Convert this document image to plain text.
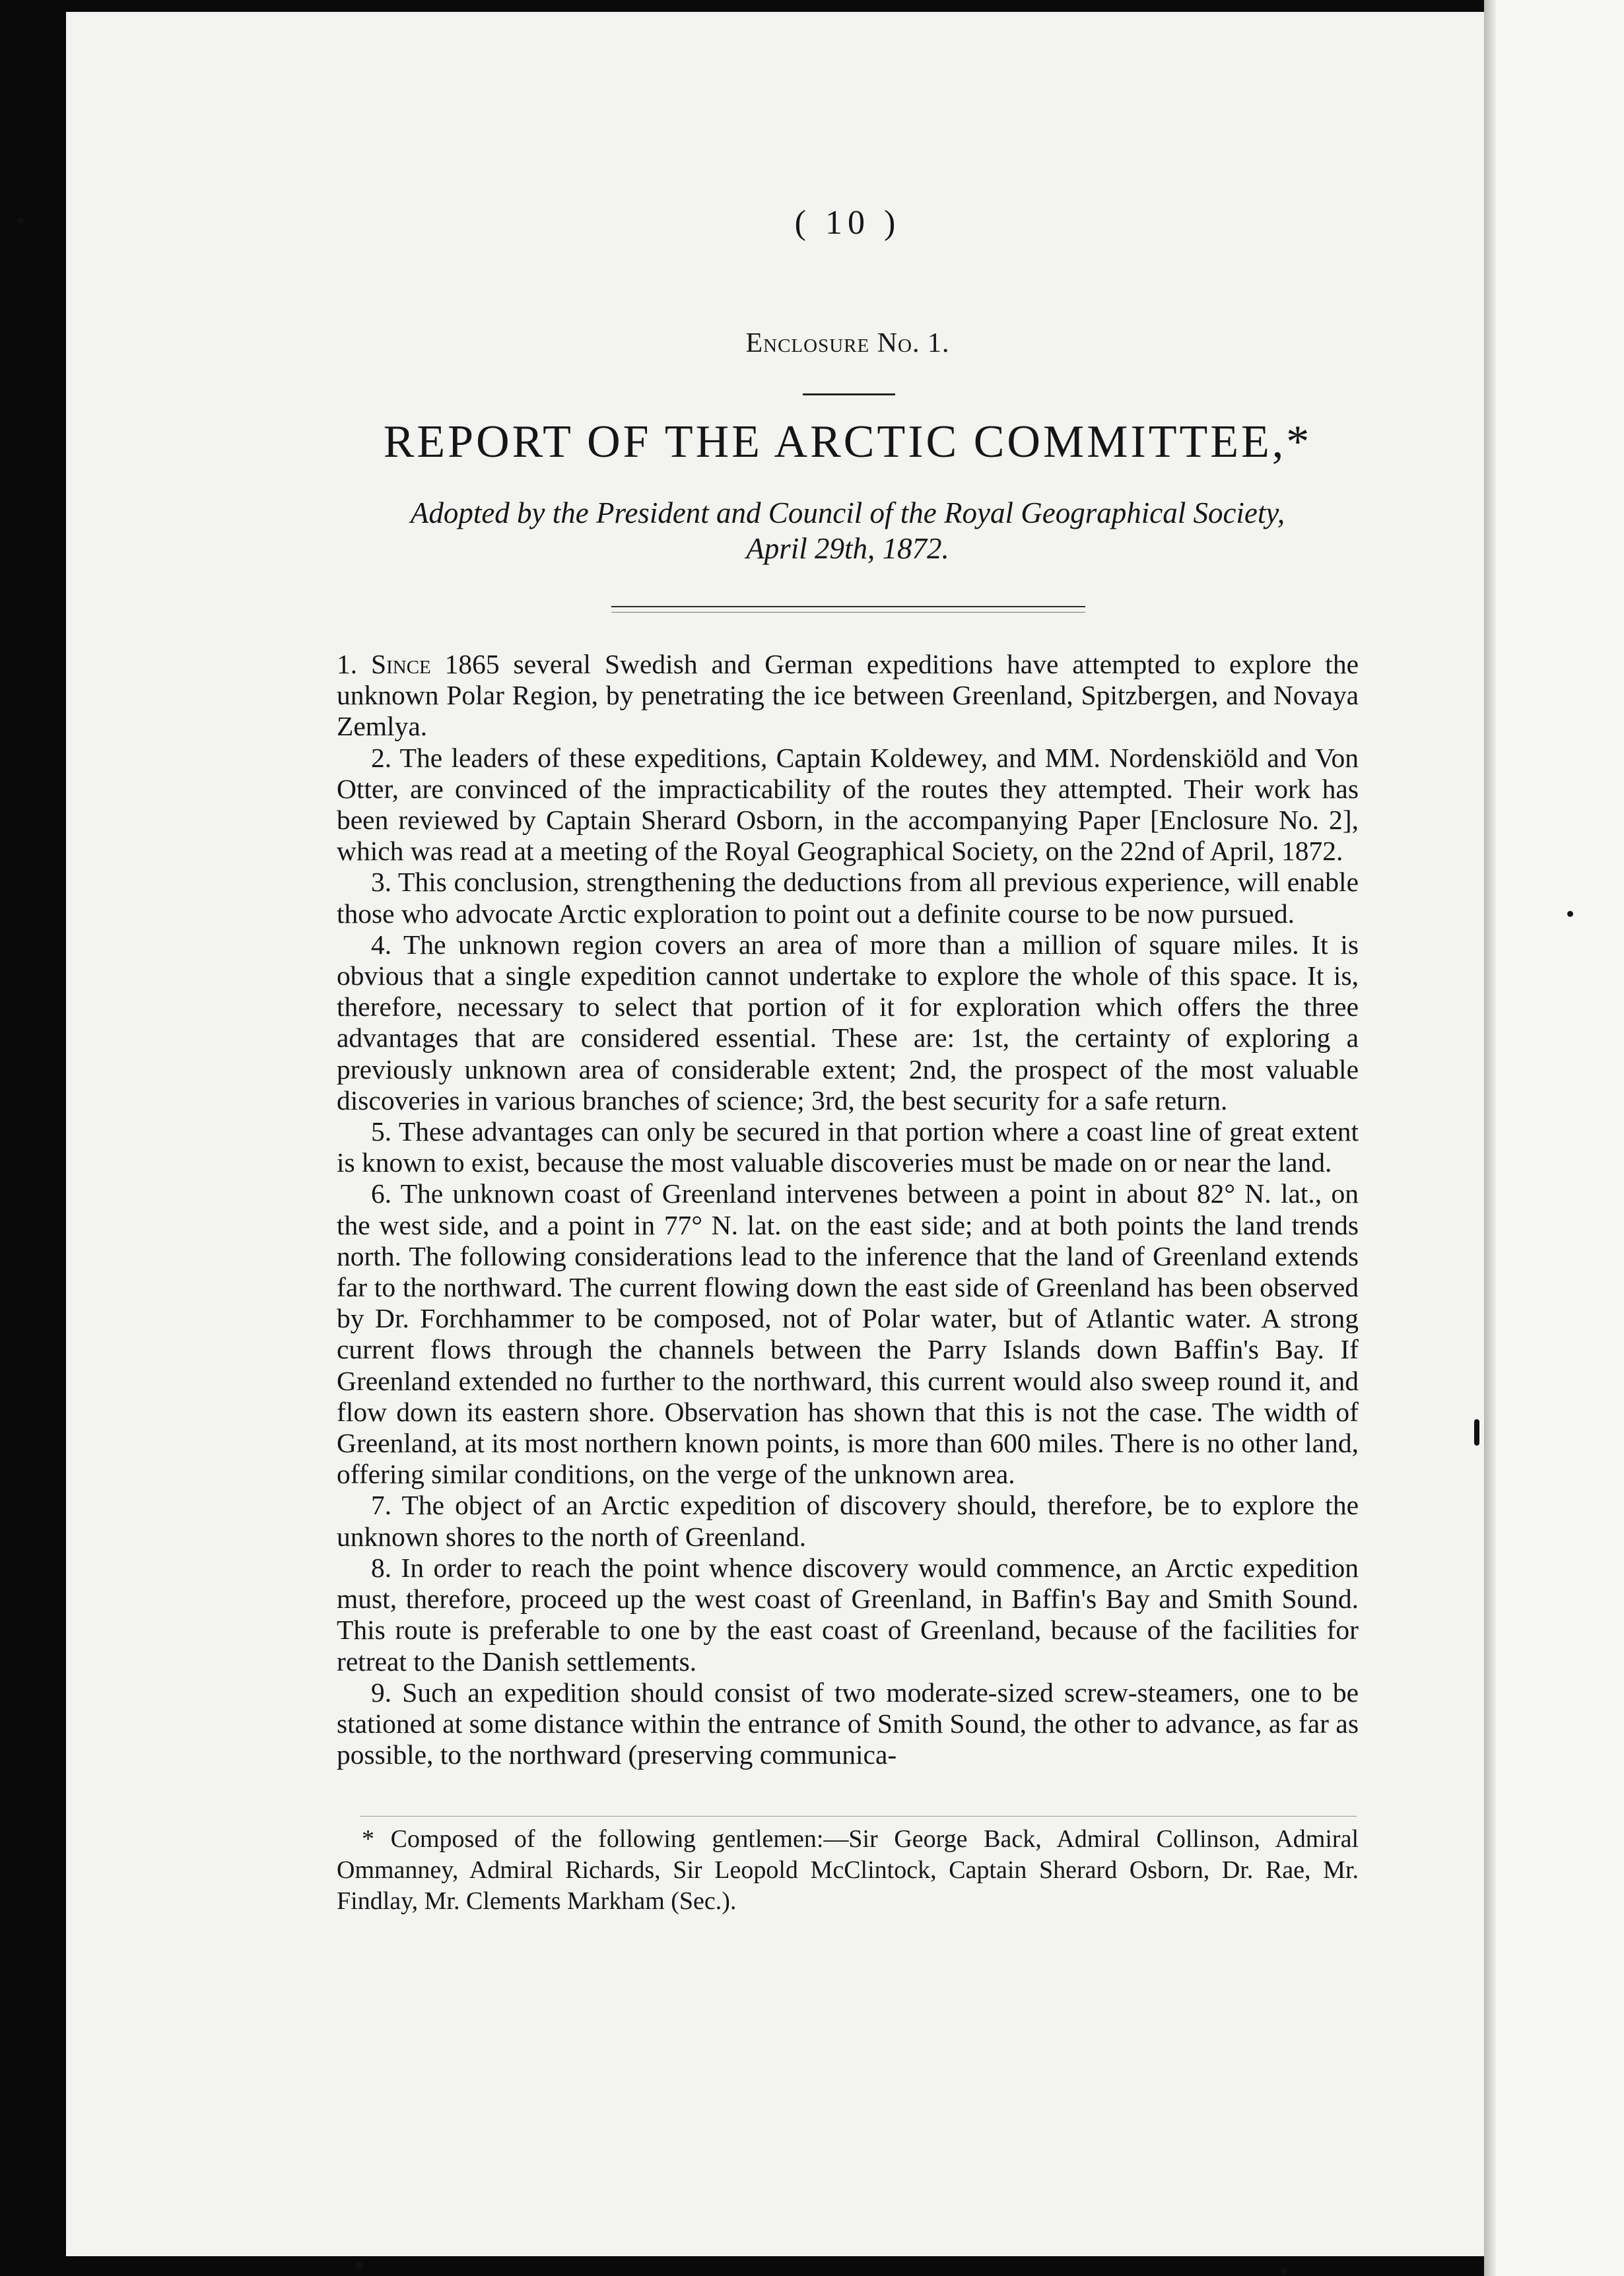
( 10 )
Enclosure No. 1.
REPORT OF THE ARCTIC COMMITTEE,*
Adopted by the President and Council of the Royal Geographical Society,
April 29th, 1872.

1. Since 1865 several Swedish and German expeditions have attempted to explore the unknown Polar Region, by penetrating the ice between Greenland, Spitzbergen, and Novaya Zemlya.

2. The leaders of these expeditions, Captain Koldewey, and MM. Nordenskiöld and Von Otter, are convinced of the impracticability of the routes they attempted. Their work has been reviewed by Captain Sherard Osborn, in the accompanying Paper [Enclosure No. 2], which was read at a meeting of the Royal Geographical Society, on the 22nd of April, 1872.

3. This conclusion, strengthening the deductions from all previous experience, will enable those who advocate Arctic exploration to point out a definite course to be now pursued.

4. The unknown region covers an area of more than a million of square miles. It is obvious that a single expedition cannot undertake to explore the whole of this space. It is, therefore, necessary to select that portion of it for exploration which offers the three advantages that are considered essential. These are: 1st, the certainty of exploring a previously unknown area of considerable extent; 2nd, the prospect of the most valuable discoveries in various branches of science; 3rd, the best security for a safe return.

5. These advantages can only be secured in that portion where a coast line of great extent is known to exist, because the most valuable discoveries must be made on or near the land.

6. The unknown coast of Greenland intervenes between a point in about 82° N. lat., on the west side, and a point in 77° N. lat. on the east side; and at both points the land trends north. The following considerations lead to the inference that the land of Greenland extends far to the northward. The current flowing down the east side of Greenland has been observed by Dr. Forchhammer to be composed, not of Polar water, but of Atlantic water. A strong current flows through the channels between the Parry Islands down Baffin's Bay. If Greenland extended no further to the northward, this current would also sweep round it, and flow down its eastern shore. Observation has shown that this is not the case. The width of Greenland, at its most northern known points, is more than 600 miles. There is no other land, offering similar conditions, on the verge of the unknown area.

7. The object of an Arctic expedition of discovery should, therefore, be to explore the unknown shores to the north of Greenland.

8. In order to reach the point whence discovery would commence, an Arctic expedition must, therefore, proceed up the west coast of Greenland, in Baffin's Bay and Smith Sound. This route is preferable to one by the east coast of Greenland, because of the facilities for retreat to the Danish settlements.

9. Such an expedition should consist of two moderate-sized screw-steamers, one to be stationed at some distance within the entrance of Smith Sound, the other to advance, as far as possible, to the northward (preserving communica-

* Composed of the following gentlemen:—Sir George Back, Admiral Collinson, Admiral Ommanney, Admiral Richards, Sir Leopold McClintock, Captain Sherard Osborn, Dr. Rae, Mr. Findlay, Mr. Clements Markham (Sec.).
